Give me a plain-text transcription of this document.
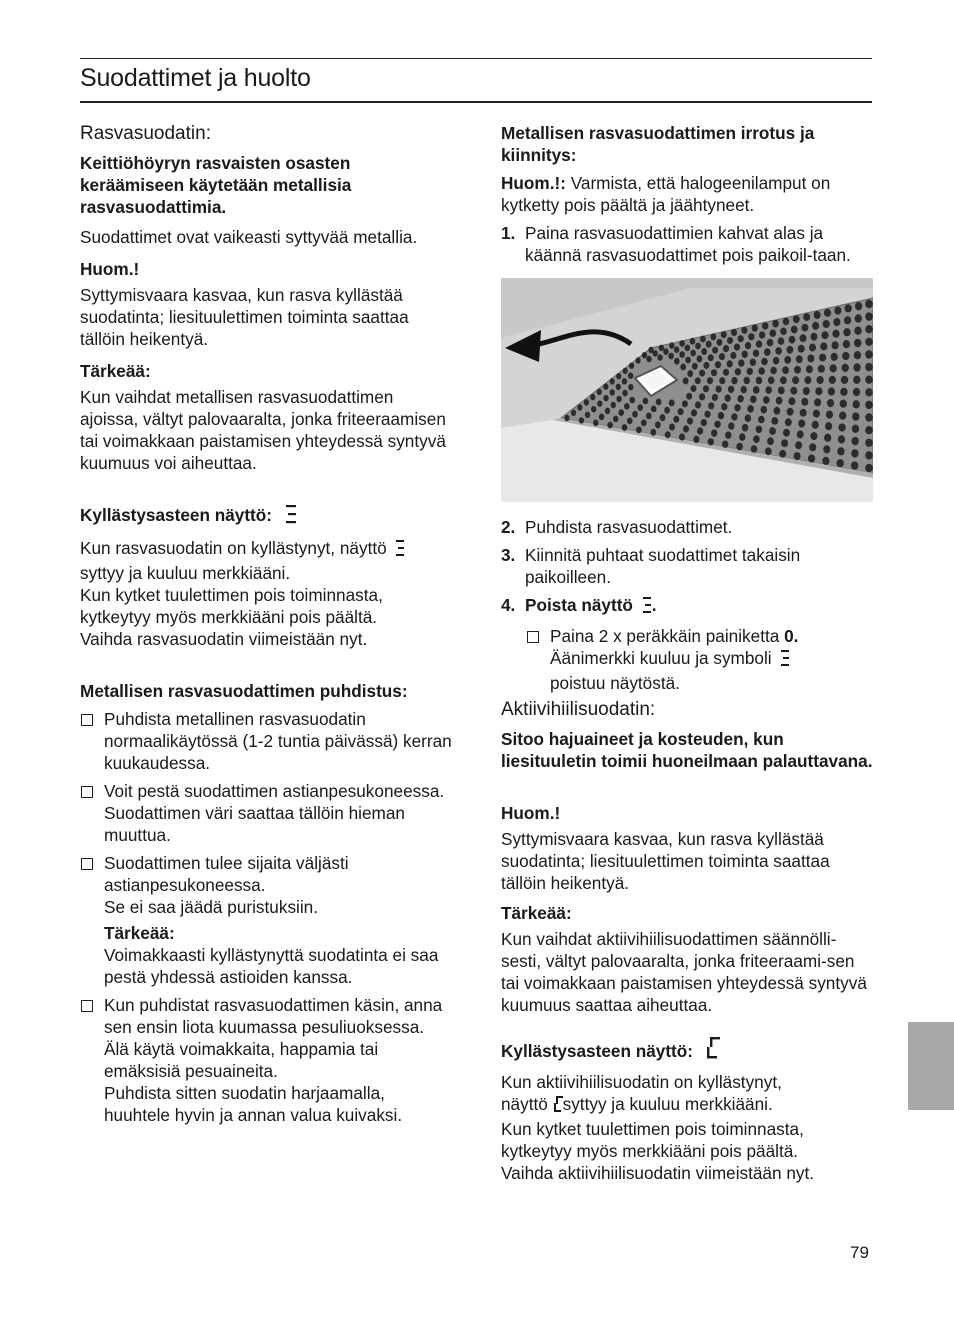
Suodattimet ja huolto
Rasvasuodatin:

Keittiöhöyryn rasvaisten osasten keräämiseen käytetään metallisia rasvasuodattimia.

Suodattimet ovat vaikeasti syttyvää metallia.

Huom.!

Syttymisvaara kasvaa, kun rasva kyllästää suodatinta; liesituulettimen toiminta saattaa tällöin heikentyä.

Tärkeää:

Kun vaihdat metallisen rasvasuodattimen ajoissa, vältyt palovaaralta, jonka friteeraamisen tai voimakkaan paistamisen yhteydessä syntyvä kuumuus voi aiheuttaa.

Kyllästysasteen näyttö:

Kun rasvasuodatin on kyllästynyt, näyttö
syttyy ja kuuluu merkkiääni.

Kun kytket tuulettimen pois toiminnasta, kytkeytyy myös merkkiääni pois päältä.

Vaihda rasvasuodatin viimeistään nyt.

Metallisen rasvasuodattimen puhdistus:

Puhdista metallinen rasvasuodatin normaalikäytössä (1-2 tuntia päivässä) kerran kuukaudessa.
Voit pestä suodattimen astianpesukoneessa. Suodattimen väri saattaa tällöin hieman muuttua.
Suodattimen tulee sijaita väljästi astianpesukoneessa.
Se ei saa jäädä puristuksiin.
Tärkeää:
Voimakkaasti kyllästynyttä suodatinta ei saa pestä yhdessä astioiden kanssa.
Kun puhdistat rasvasuodattimen käsin, anna sen ensin liota kuumassa pesuliuoksessa.
Älä käytä voimakkaita, happamia tai emäksisiä pesuaineita.
Puhdista sitten suodatin harjaamalla, huuhtele hyvin ja annan valua kuivaksi.

Metallisen rasvasuodattimen irrotus ja kiinnitys:

Huom.!: Varmista, että halogeenilamput on kytketty pois päältä ja jäähtyneet.

1. Paina rasvasuodattimien kahvat alas ja käännä rasvasuodattimet pois paikoil-taan.
2. Puhdista rasvasuodattimet.
3. Kiinnitä puhtaat suodattimet takaisin paikoilleen.
4. Poista näyttö .
Paina 2 x peräkkäin painiketta 0.
Äänimerkki kuuluu ja symboli
poistuu näytöstä.
Aktiivihiilisuodatin:

Sitoo hajuaineet ja kosteuden, kun liesituuletin toimii huoneilmaan palauttavana.

Huom.!

Syttymisvaara kasvaa, kun rasva kyllästää suodatinta; liesituulettimen toiminta saattaa tällöin heikentyä.

Tärkeää:

Kun vaihdat aktiivihiilisuodattimen säännölli-sesti, vältyt palovaaralta, jonka friteeraami-sen tai voimakkaan paistamisen yhteydessä syntyvä kuumuus saattaa aiheuttaa.

Kyllästysasteen näyttö:

Kun aktiivihiilisuodatin on kyllästynyt,

näyttö syttyy ja kuuluu merkkiääni.

Kun kytket tuulettimen pois toiminnasta, kytkeytyy myös merkkiääni pois päältä.

Vaihda aktiivihiilisuodatin viimeistään nyt.

79
